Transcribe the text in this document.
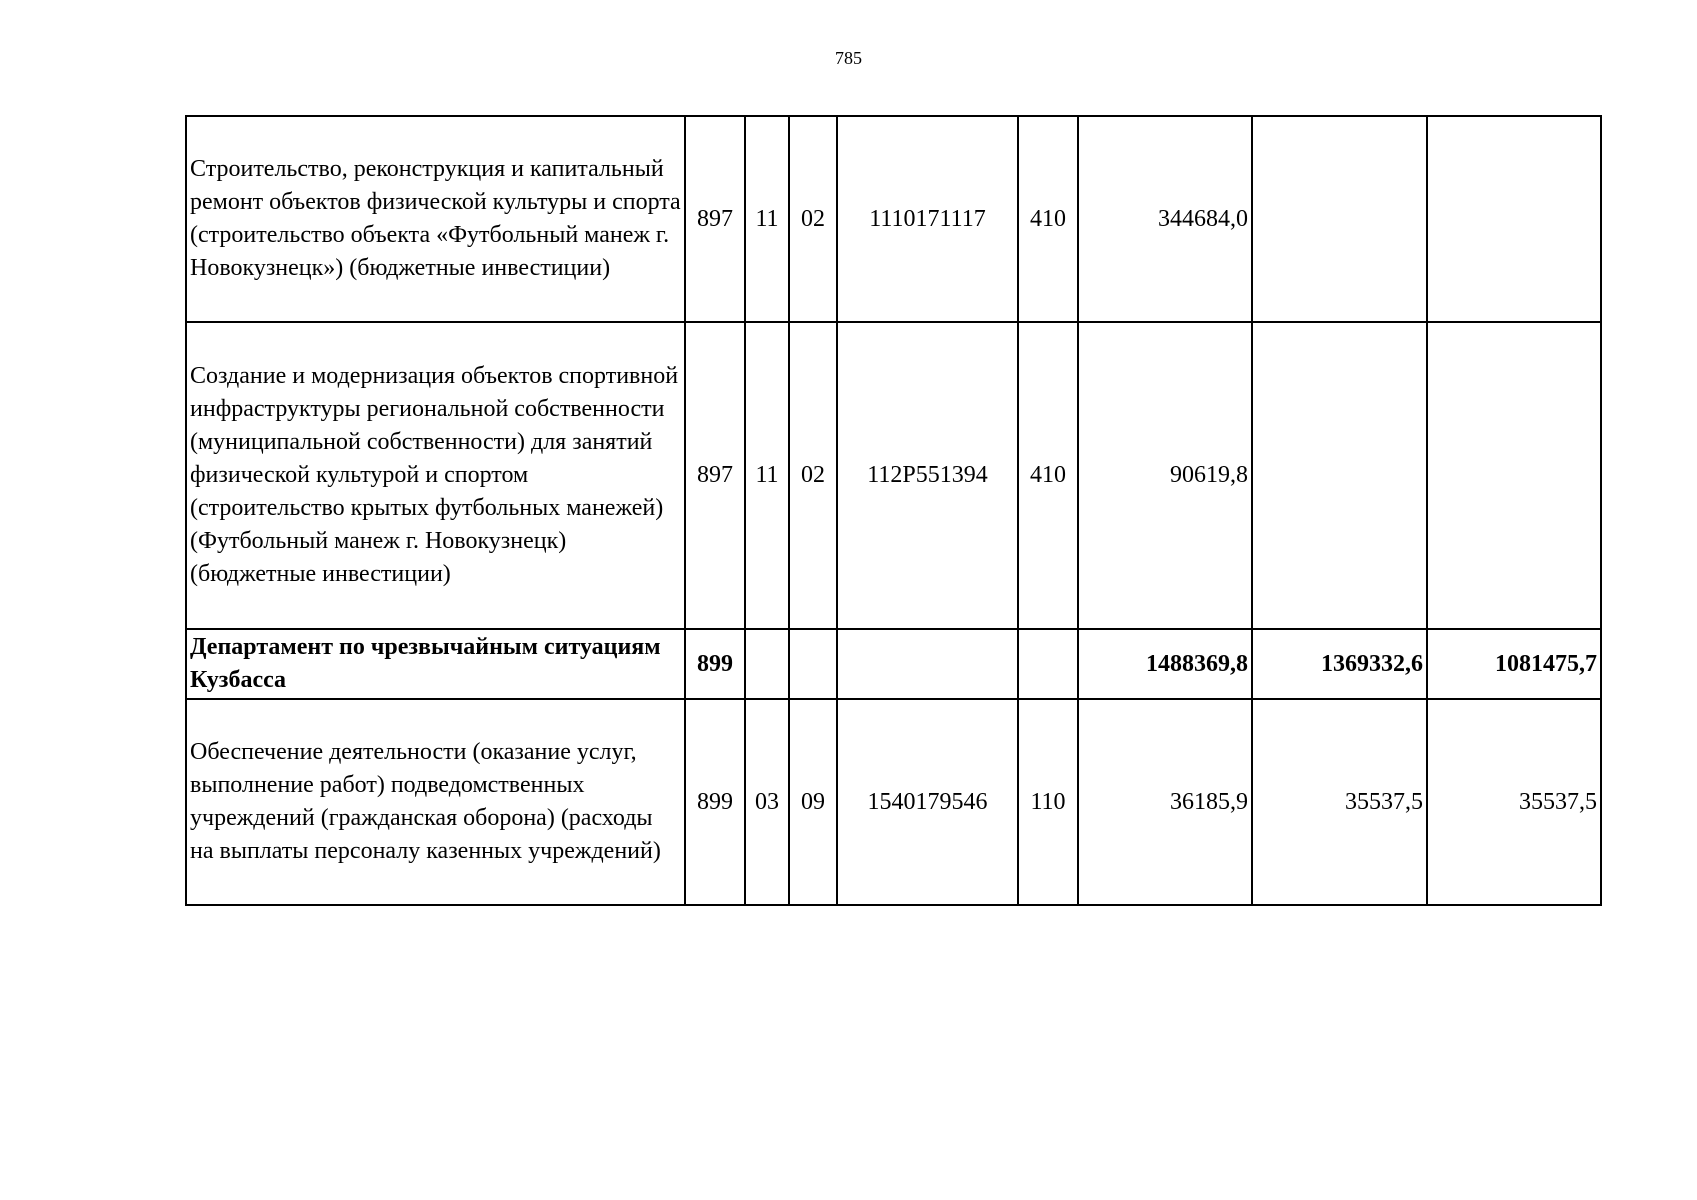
785
Строительство, реконструкция и капитальный ремонт объектов физической культуры и спорта (строительство объекта «Футбольный манеж г. Новокузнецк») (бюджетные инвестиции)	897	11	02	1110171117	410	344684,0		
Создание и модернизация объектов спортивной инфраструктуры региональной собственности (муниципальной собственности) для занятий физической культурой и спортом (строительство крытых футбольных манежей) (Футбольный манеж г. Новокузнецк) (бюджетные инвестиции)	897	11	02	112P551394	410	90619,8		
Департамент по чрезвычайным ситуациям Кузбасса	899					1488369,8	1369332,6	1081475,7
Обеспечение деятельности (оказание услуг, выполнение работ) подведомственных учреждений (гражданская оборона) (расходы на выплаты персоналу казенных учреждений)	899	03	09	1540179546	110	36185,9	35537,5	35537,5
